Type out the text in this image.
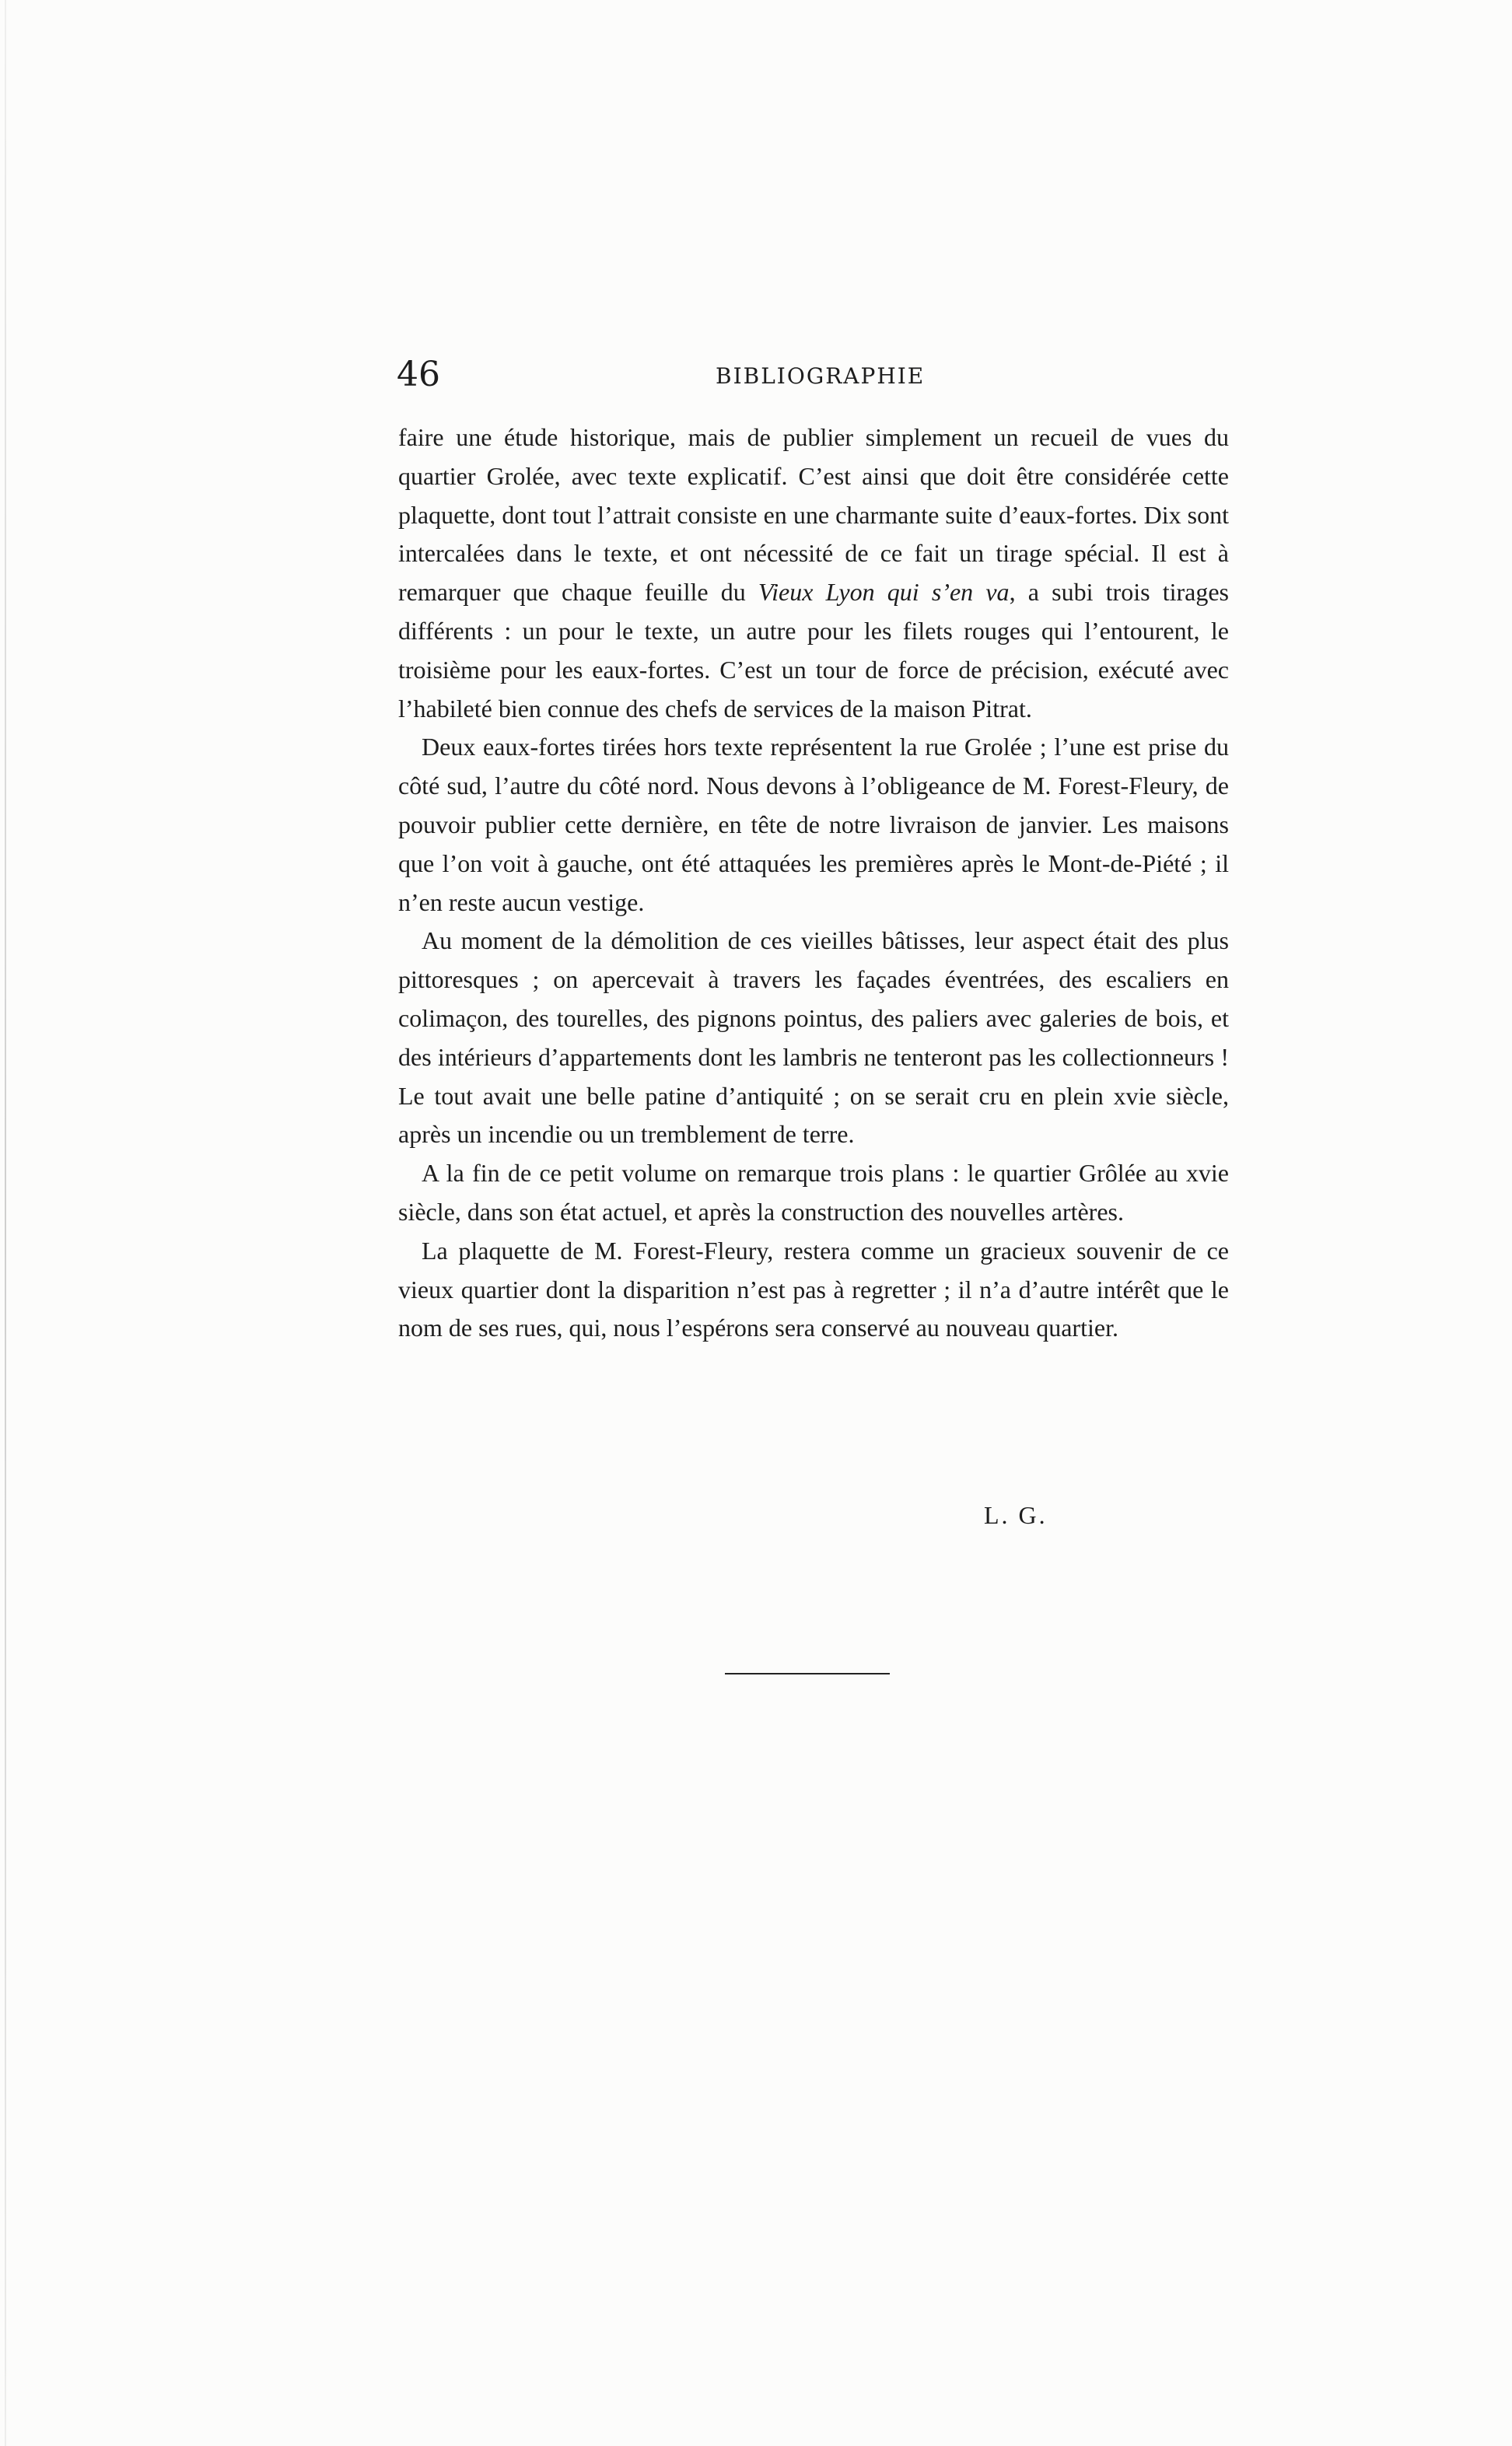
46	BIBLIOGRAPHIE

faire une étude historique, mais de publier simplement un recueil de vues du quartier Grolée, avec texte explicatif. C’est ainsi que doit être considérée cette plaquette, dont tout l’attrait consiste en une charmante suite d’eaux-fortes. Dix sont intercalées dans le texte, et ont nécessité de ce fait un tirage spécial. Il est à remarquer que chaque feuille du Vieux Lyon qui s’en va, a subi trois tirages différents : un pour le texte, un autre pour les filets rouges qui l’entourent, le troisième pour les eaux-fortes. C’est un tour de force de précision, exécuté avec l’habileté bien connue des chefs de services de la maison Pitrat.

Deux eaux-fortes tirées hors texte représentent la rue Grolée ; l’une est prise du côté sud, l’autre du côté nord. Nous devons à l’obligeance de M. Forest-Fleury, de pouvoir publier cette dernière, en tête de notre livraison de janvier. Les maisons que l’on voit à gauche, ont été attaquées les premières après le Mont-de-Piété ; il n’en reste aucun vestige.

Au moment de la démolition de ces vieilles bâtisses, leur aspect était des plus pittoresques ; on apercevait à travers les façades éventrées, des escaliers en colimaçon, des tourelles, des pignons pointus, des paliers avec galeries de bois, et des intérieurs d’appartements dont les lambris ne tenteront pas les collectionneurs ! Le tout avait une belle patine d’antiquité ; on se serait cru en plein xvie siècle, après un incendie ou un tremblement de terre.

A la fin de ce petit volume on remarque trois plans : le quartier Grôlée au xvie siècle, dans son état actuel, et après la construction des nouvelles artères.

La plaquette de M. Forest-Fleury, restera comme un gracieux souvenir de ce vieux quartier dont la disparition n’est pas à regretter ; il n’a d’autre intérêt que le nom de ses rues, qui, nous l’espérons sera conservé au nouveau quartier.

L. G.
